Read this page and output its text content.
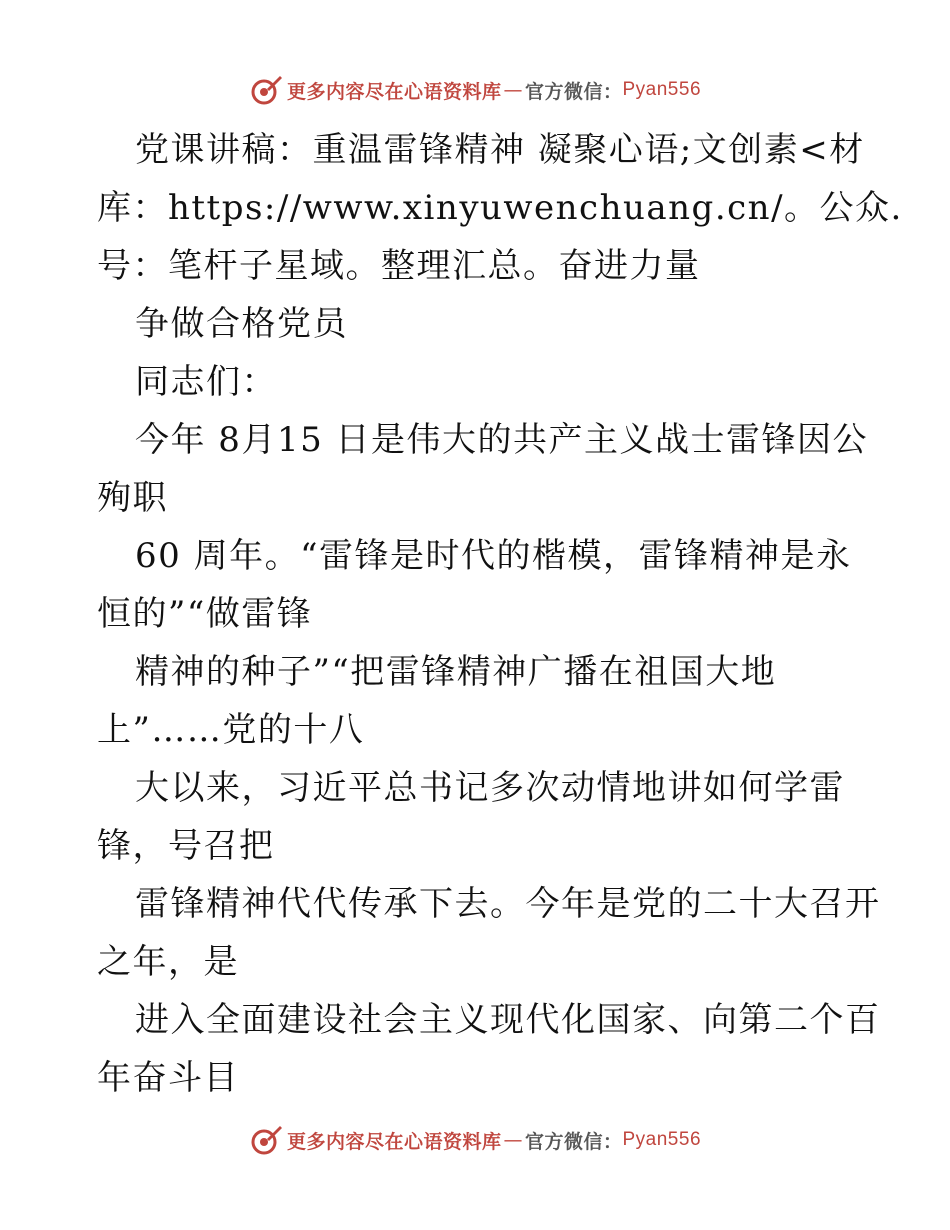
更多内容尽在心语资料库 — 官方微信： Pyan556
党课讲稿：重温雷锋精神 凝聚心语;文创素<材
库：https://www.xinyuwenchuang.cn/。公众.
号：笔杆子星域。整理汇总。奋进力量
争做合格党员
同志们：
今年 8月15 日是伟大的共产主义战士雷锋因公
殉职
60 周年。“雷锋是时代的楷模，雷锋精神是永
恒的”“做雷锋
精神的种子”“把雷锋精神广播在祖国大地
上”……党的十八
大以来，习近平总书记多次动情地讲如何学雷
锋，号召把
雷锋精神代代传承下去。今年是党的二十大召开
之年，是
进入全面建设社会主义现代化国家、向第二个百
年奋斗目
更多内容尽在心语资料库 — 官方微信： Pyan556
